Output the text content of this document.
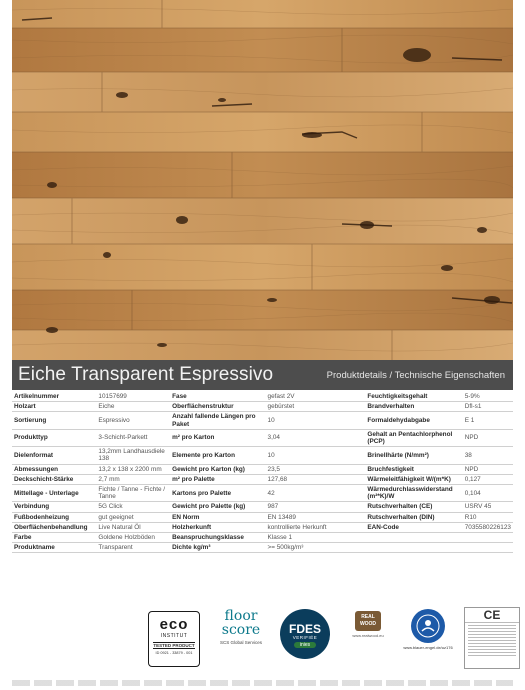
Eiche Transparent Espressivo	Produktdetails / Technische Eigenschaften
Artikelnummer	10157699	Fase	gefast 2V	Feuchtigkeitsgehalt	5-9%
Holzart	Eiche	Oberflächenstruktur	gebürstet	Brandverhalten	Dfl-s1
Sortierung	Espressivo	Anzahl fallende Längen pro Paket	10	Formaldehydabgabe	E 1
Produkttyp	3-Schicht-Parkett	m² pro Karton	3,04	Gehalt an Pentachlorphenol (PCP)	NPD
Dielenformat	13,2mm Landhausdiele 138	Elemente pro Karton	10	Brinellhärte (N/mm²)	38
Abmessungen	13,2 x 138 x 2200 mm	Gewicht pro Karton (kg)	23,5	Bruchfestigkeit	NPD
Deckschicht-Stärke	2,7 mm	m² pro Palette	127,68	Wärmeleitfähigkeit W/(m*K)	0,127
Mittellage - Unterlage	Fichte / Tanne - Fichte / Tanne	Kartons pro Palette	42	Wärmedurchlasswiderstand (m²*K)/W	0,104
Verbindung	5G Click	Gewicht pro Palette (kg)	987	Rutschverhalten (CE)	USRV 45
Fußbodenheizung	gut geeignet	EN Norm	EN 13489	Rutschverhalten (DIN)	R10
Oberflächenbehandlung	Live Natural Öl	Holzherkunft	kontrollierte Herkunft	EAN-Code	7035580226123
Farbe	Goldene Holzböden	Beanspruchungsklasse	Klasse 1		
Produktname	Transparent	Dichte kg/m³	>= 500kg/m³		
eco
INSTITUT
TESTED PRODUCT
ID 0921 - 33879 - 001
floor
score
SCS Global Services
FDES
VERIFIÉE
inies
REAL
WOOD
www.realwood.eu
www.blauer-engel.de/uz176
CE
